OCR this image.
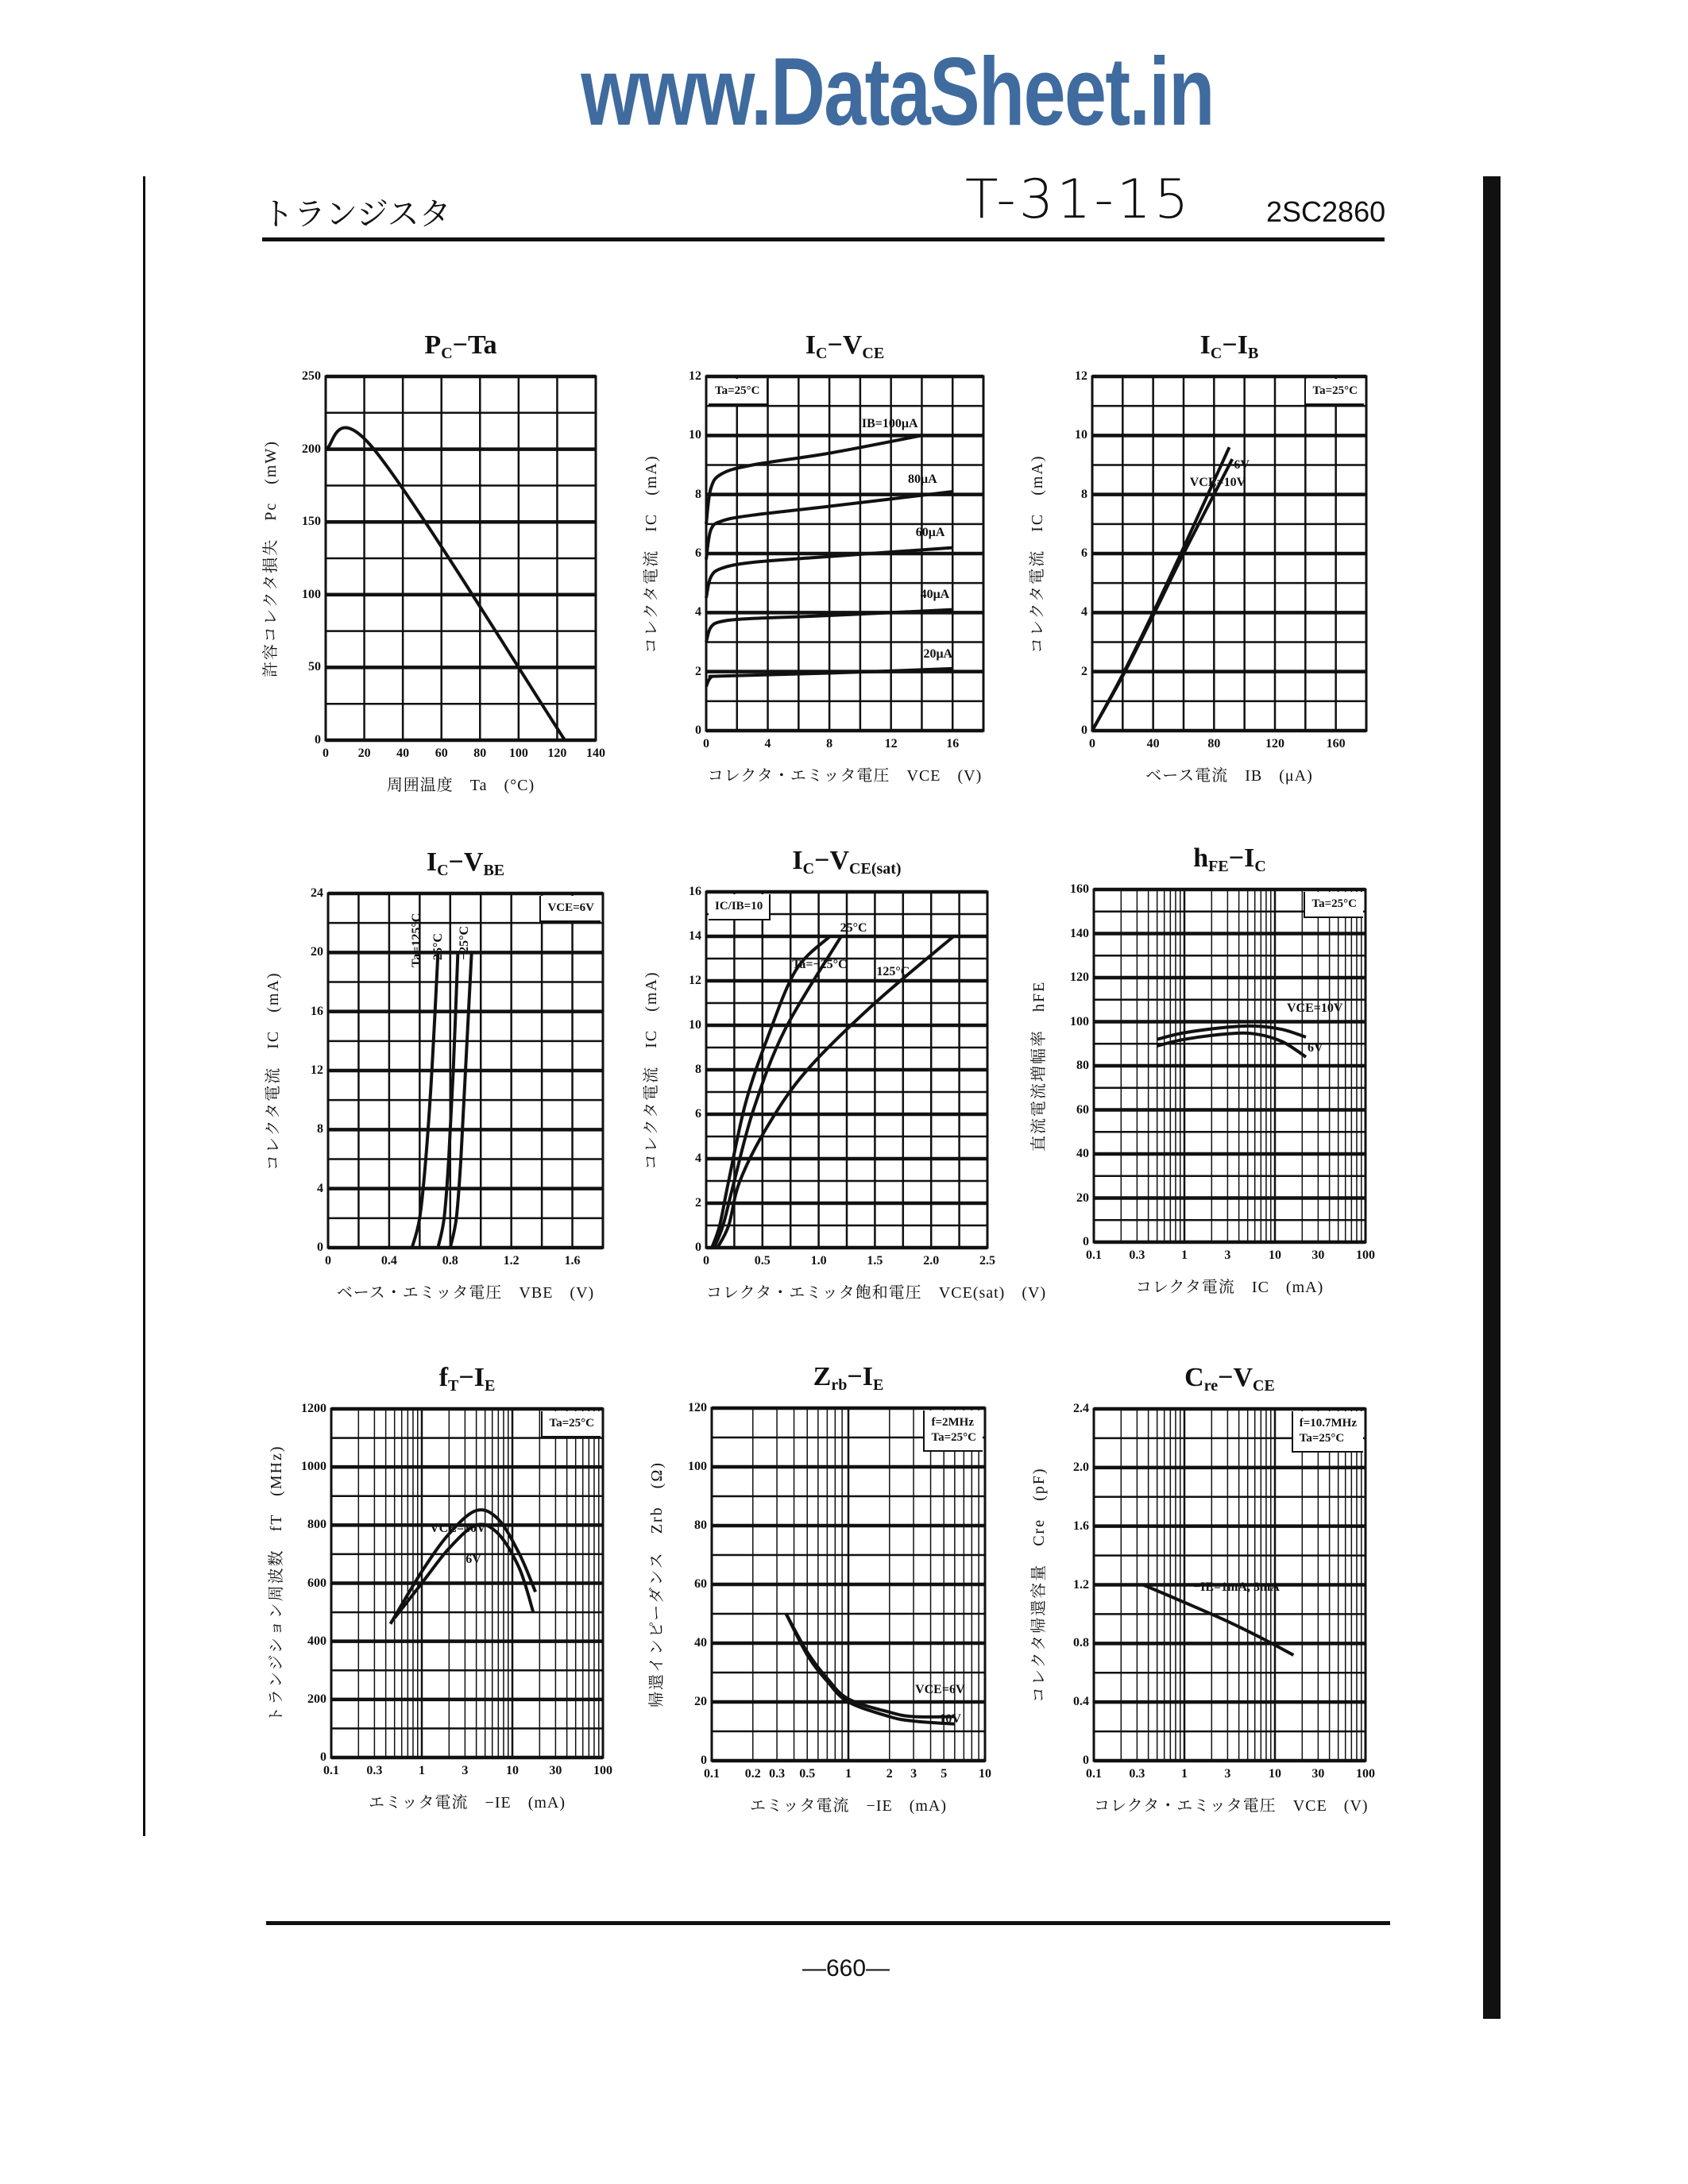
www.DataSheet.in
トランジスタ	T-31-15	2SC2860
—660—
$P_C-Ta$
0
50
100
150
200
250
0 20 40 60 80 100 120 140
周囲温度　Ta　(°C)
許容コレクタ損失　Pc　(mW)
$I_C-V_{CE}$
IB=100μA
80μA
60μA
40μA
20μA
Ta=25°C
0
2
4
6
8
10
12
0	4	8	12	16
コレクタ・エミッタ電圧　VCE　(V)
コレクタ電流　IC　(mA)
$I_C-I_B$
VCE=10V
6V
Ta=25°C
0
2
4
6
8
10
12
0	40	80	120	160
ベース電流　IB　(μA)
コレクタ電流　IC　(mA)
$I_C-V_{BE}$
Ta=125°C 25°C −25°C
VCE=6V
0
4
8
12
16
20
24
0	0.4	0.8	1.2	1.6
ベース・エミッタ電圧　VBE　(V)
コレクタ電流　IC　(mA)
$I_C-V_{CE(sat)}$
Ta=−25°C
25°C
125°C
IC/IB=10
0
2
4
6
8
10
12
14
16
0	0.5	1.0	1.5	2.0	2.5
コレクタ・エミッタ飽和電圧　VCE(sat)　(V)
コレクタ電流　IC　(mA)
$h_{FE}-I_C$
VCE=10V
6V
Ta=25°C
0
20
40
60
80
100
120
140
160
0.1 0.3	1	3	10 30 100
コレクタ電流　IC　(mA)
直流電流増幅率　hFE
$f_T-I_E$
VCE=10V
6V
Ta=25°C
0
200
400
600
800
1000
1200
0.1 0.3	1	3	10 30 100
エミッタ電流　−IE　(mA)
トランジション周波数　fT　(MHz)
$Z_{rb}-I_E$
VCE=6V
10V
f=2MHz
Ta=25°C
0
20
40
60
80
100
120
0.1 0.2 0.3 0.5 1	2 3 5 10
エミッタ電流　−IE　(mA)
帰還インピーダンス　Zrb　(Ω)
$C_{re}-V_{CE}$
−IE=1mA, 3mA
f=10.7MHz
Ta=25°C
0
0.4
0.8
1.2
1.6
2.0
2.4
0.1 0.3	1	3	10 30 100
コレクタ・エミッタ電圧　VCE　(V)
コレクタ帰還容量　Cre　(pF)
